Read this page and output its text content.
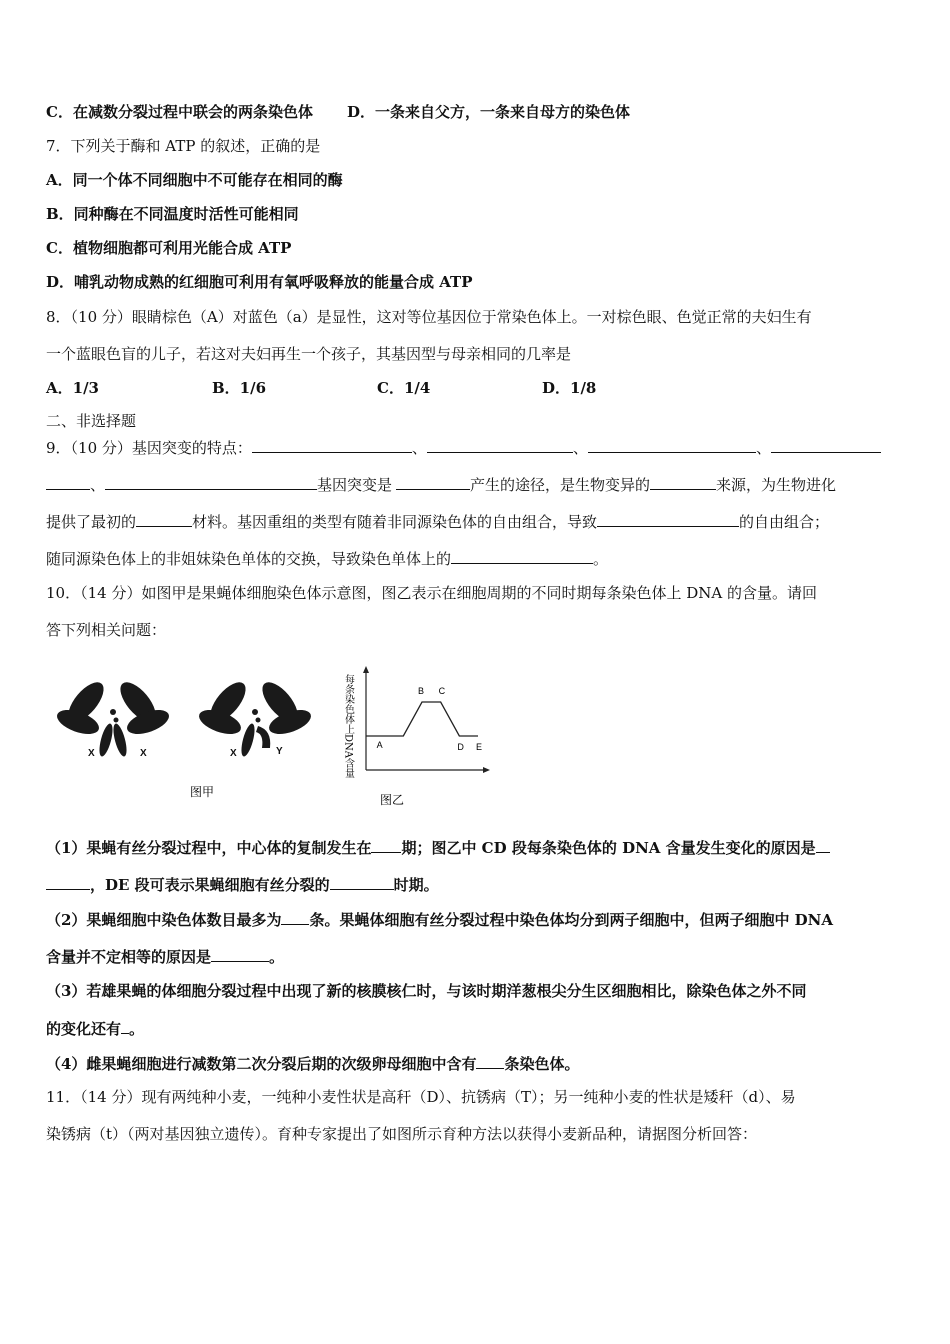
C．在减数分裂过程中联会的两条染色体 D．一条来自父方，一条来自母方的染色体
7．下列关于酶和 ATP 的叙述，正确的是
A．同一个体不同细胞中不可能存在相同的酶
B．同种酶在不同温度时活性可能相同
C．植物细胞都可利用光能合成 ATP
D．哺乳动物成熟的红细胞可利用有氧呼吸释放的能量合成 ATP
8．（10 分）眼睛棕色（A）对蓝色（a）是显性，这对等位基因位于常染色体上。一对棕色眼、色觉正常的夫妇生有
一个蓝眼色盲的儿子，若这对夫妇再生一个孩子，其基因型与母亲相同的几率是
A．1/3	B．1/6	C．1/4	D．1/8
二、非选择题
9．（10 分）基因突变的特点：	、	、	、
、	基因突变是	产生的途径，是生物变异的	来源，为生物进化
提供了最初的	材料。基因重组的类型有随着非同源染色体的自由组合，导致	的自由组合；
随同源染色体上的非姐妹染色单体的交换，导致染色单体上的	。
10．（14 分）如图甲是果蝇体细胞染色体示意图，图乙表示在细胞周期的不同时期每条染色体上 DNA 的含量。请回
答下列相关问题：
X	X	X	Y
图甲
每条染色体上DNA含量	A
B C
D E
图乙
（1）果蝇有丝分裂过程中，中心体的复制发生在 期；图乙中 CD 段每条染色体的 DNA 含量发生变化的原因是
，DE 段可表示果蝇细胞有丝分裂的	时期。
（2）果蝇细胞中染色体数目最多为 条。果蝇体细胞有丝分裂过程中染色体均分到两子细胞中，但两子细胞中 DNA
含量并不定相等的原因是	。
（3）若雄果蝇的体细胞分裂过程中出现了新的核膜核仁时，与该时期洋葱根尖分生区细胞相比，除染色体之外不同
的变化还有 。
（4）雌果蝇细胞进行减数第二次分裂后期的次级卵母细胞中含有 条染色体。
11．（14 分）现有两纯种小麦，一纯种小麦性状是高秆（D）、抗锈病（T）；另一纯种小麦的性状是矮秆（d）、易
染锈病（t）（两对基因独立遗传）。育种专家提出了如图所示育种方法以获得小麦新品种，请据图分析回答：
